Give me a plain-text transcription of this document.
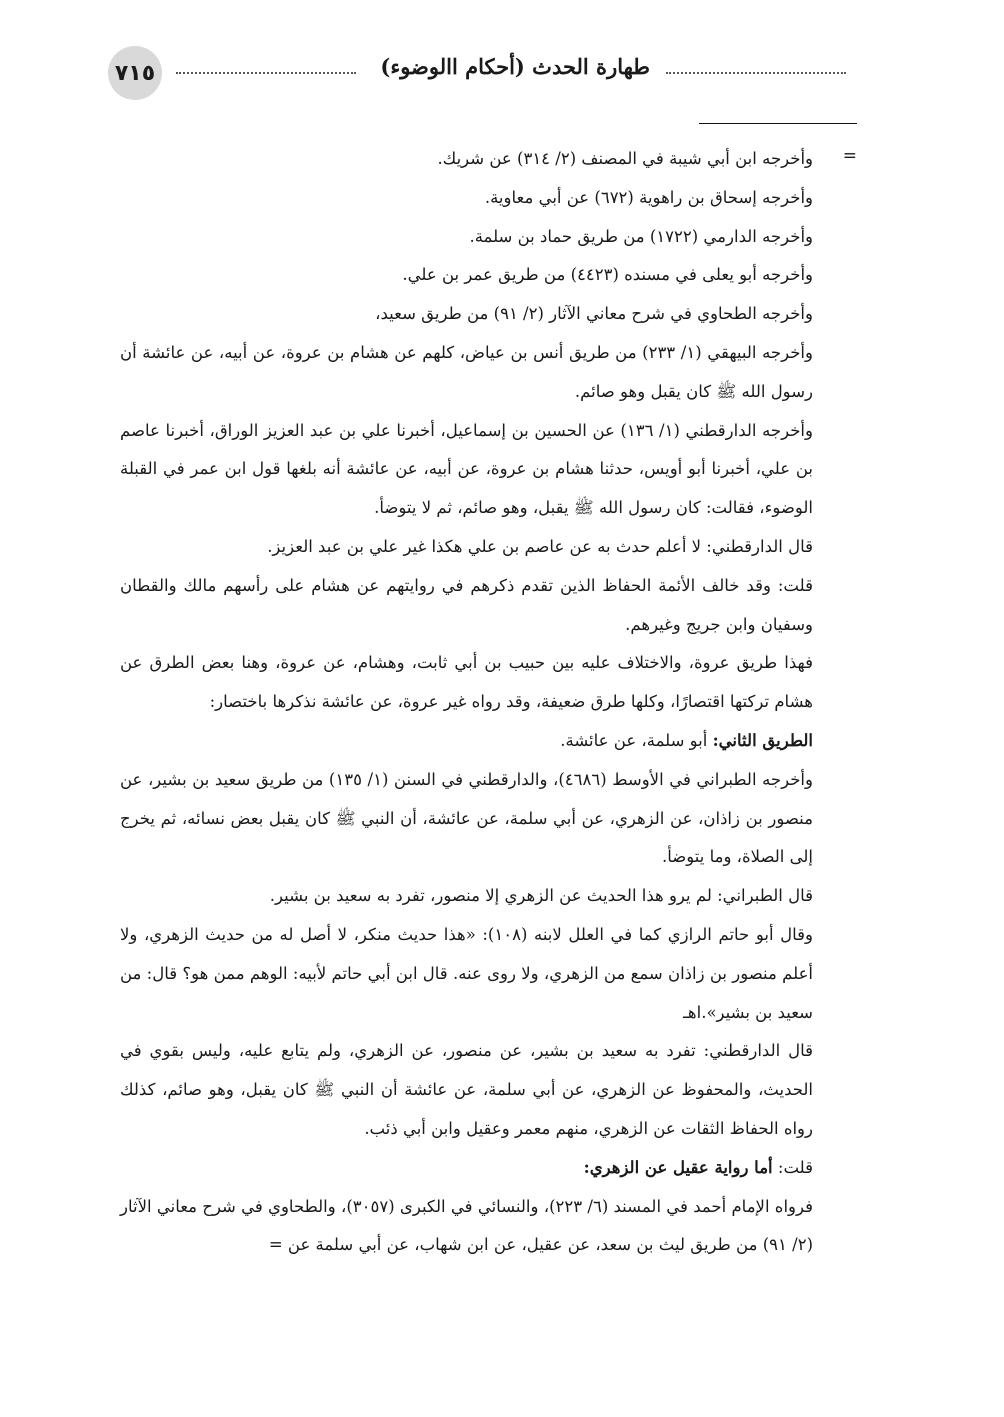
٧١٥	طهارة الحدث (أحكام االوضوء)
=

وأخرجه ابن أبي شيبة في المصنف (٢/ ٣١٤) عن شريك.

وأخرجه إسحاق بن راهوية (٦٧٢) عن أبي معاوية.

وأخرجه الدارمي (١٧٢٢) من طريق حماد بن سلمة.

وأخرجه أبو يعلى في مسنده (٤٤٢٣) من طريق عمر بن علي.

وأخرجه الطحاوي في شرح معاني الآثار (٢/ ٩١) من طريق سعيد،

وأخرجه البيهقي (١/ ٢٣٣) من طريق أنس بن عياض، كلهم عن هشام بن عروة، عن أبيه، عن عائشة أن رسول الله ﷺ كان يقبل وهو صائم.

وأخرجه الدارقطني (١/ ١٣٦) عن الحسين بن إسماعيل، أخبرنا علي بن عبد العزيز الوراق، أخبرنا عاصم بن علي، أخبرنا أبو أويس، حدثنا هشام بن عروة، عن أبيه، عن عائشة أنه بلغها قول ابن عمر في القبلة الوضوء، فقالت: كان رسول الله ﷺ يقبل، وهو صائم، ثم لا يتوضأ.

قال الدارقطني: لا أعلم حدث به عن عاصم بن علي هكذا غير علي بن عبد العزيز.

قلت: وقد خالف الأئمة الحفاظ الذين تقدم ذكرهم في روايتهم عن هشام على رأسهم مالك والقطان وسفيان وابن جريج وغيرهم.

فهذا طريق عروة، والاختلاف عليه بين حبيب بن أبي ثابت، وهشام، عن عروة، وهنا بعض الطرق عن هشام تركتها اقتصارًا، وكلها طرق ضعيفة، وقد رواه غير عروة، عن عائشة نذكرها باختصار:

الطريق الثاني: أبو سلمة، عن عائشة.

وأخرجه الطبراني في الأوسط (٤٦٨٦)، والدارقطني في السنن (١/ ١٣٥) من طريق سعيد بن بشير، عن منصور بن زاذان، عن الزهري، عن أبي سلمة، عن عائشة، أن النبي ﷺ كان يقبل بعض نسائه، ثم يخرج إلى الصلاة، وما يتوضأ.

قال الطبراني: لم يرو هذا الحديث عن الزهري إلا منصور، تفرد به سعيد بن بشير.

وقال أبو حاتم الرازي كما في العلل لابنه (١٠٨): «هذا حديث منكر، لا أصل له من حديث الزهري، ولا أعلم منصور بن زاذان سمع من الزهري، ولا روى عنه. قال ابن أبي حاتم لأبيه: الوهم ممن هو؟ قال: من سعيد بن بشير».اهـ

قال الدارقطني: تفرد به سعيد بن بشير، عن منصور، عن الزهري، ولم يتابع عليه، وليس بقوي في الحديث، والمحفوظ عن الزهري، عن أبي سلمة، عن عائشة أن النبي ﷺ كان يقبل، وهو صائم، كذلك رواه الحفاظ الثقات عن الزهري، منهم معمر وعقيل وابن أبي ذئب.

قلت: أما رواية عقيل عن الزهري:

فرواه الإمام أحمد في المسند (٦/ ٢٢٣)، والنسائي في الكبرى (٣٠٥٧)، والطحاوي في شرح معاني الآثار (٢/ ٩١) من طريق ليث بن سعد، عن عقيل، عن ابن شهاب، عن أبي سلمة عن =
